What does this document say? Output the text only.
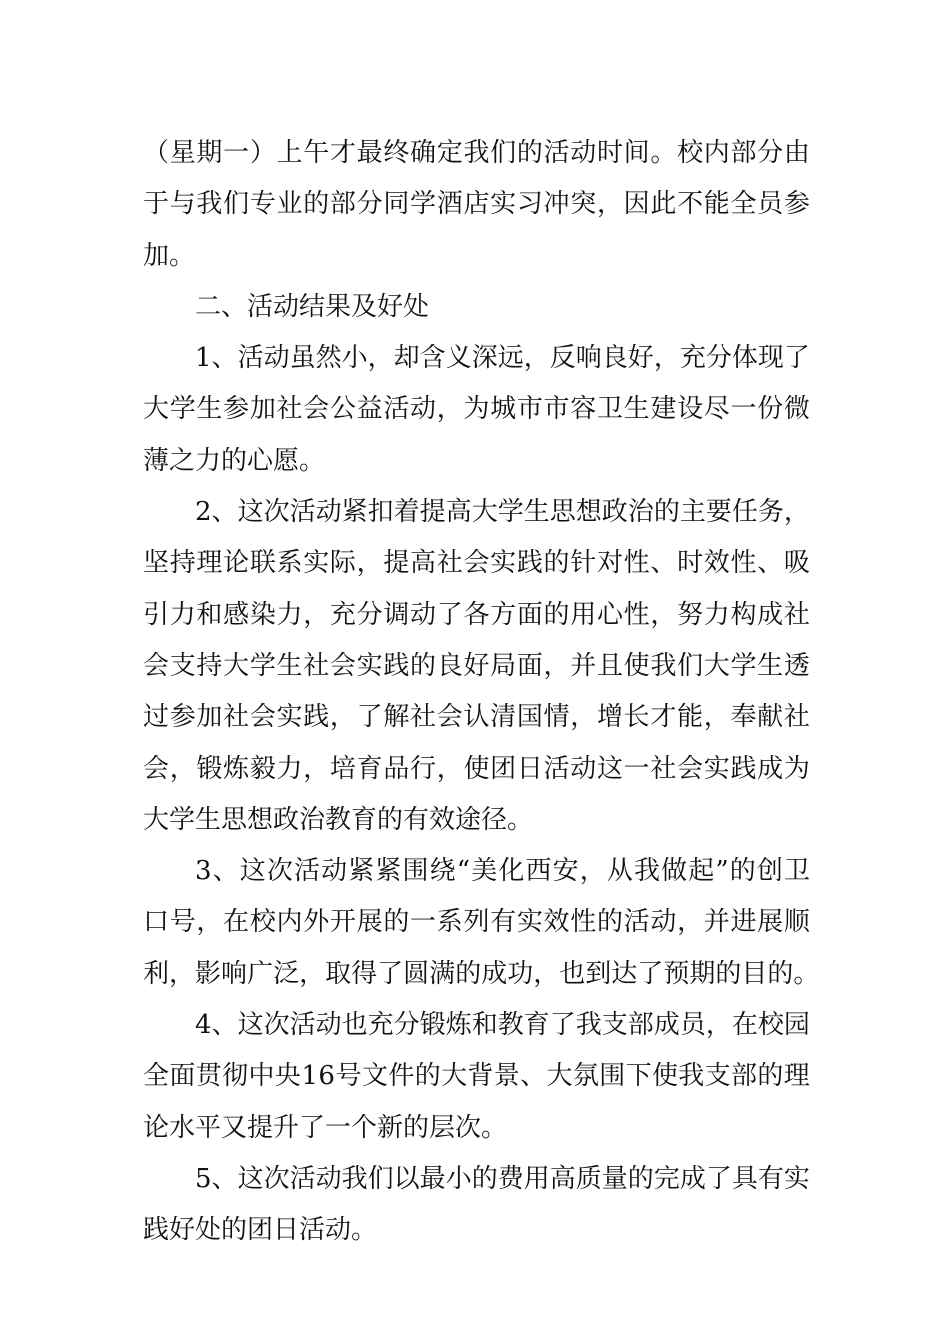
（ 星 期 一 ） 上 午 才 最 终 确 定 我 们 的 活 动 时 间 。 校 内 部 分 由
于 与 我 们 专 业 的 部 分 同 学 酒 店 实 习 冲 突 ， 因 此 不 能 全 员 参
加。
二、活动结果及好处
1 、 活 动 虽 然 小 ， 却 含 义 深 远 ， 反 响 良 好 ， 充 分 体 现 了
大 学 生 参 加 社 会 公 益 活 动 ， 为 城 市 市 容 卫 生 建 设 尽 一 份 微
薄之力的心愿。
2 、 这 次 活 动 紧 扣 着 提 高 大 学 生 思 想 政 治 的 主 要 任 务 ，
坚 持 理 论 联 系 实 际 ， 提 高 社 会 实 践 的 针 对 性 、 时 效 性 、 吸
引 力 和 感 染 力 ， 充 分 调 动 了 各 方 面 的 用 心 性 ， 努 力 构 成 社
会 支 持 大 学 生 社 会 实 践 的 良 好 局 面 ， 并 且 使 我 们 大 学 生 透
过 参 加 社 会 实 践 ， 了 解 社 会 认 清 国 情 ， 增 长 才 能 ， 奉 献 社
会 ， 锻 炼 毅 力 ， 培 育 品 行 ， 使 团 日 活 动 这 一 社 会 实 践 成 为
大学生思想政治教育的有效途径。
3 、 这 次 活 动 紧 紧 围 绕 “ 美 化 西 安 ， 从 我 做 起 ” 的 创 卫
口 号 ， 在 校 内 外 开 展 的 一 系 列 有 实 效 性 的 活 动 ， 并 进 展 顺
利 ， 影 响 广 泛 ， 取 得 了 圆 满 的 成 功 ， 也 到 达 了 预 期 的 目 的 。
4 、 这 次 活 动 也 充 分 锻 炼 和 教 育 了 我 支 部 成 员 ， 在 校 园
全 面 贯 彻 中 央 1 6 号 文 件 的 大 背 景 、 大 氛 围 下 使 我 支 部 的 理
论水平又提升了一个新的层次。
5 、 这 次 活 动 我 们 以 最 小 的 费 用 高 质 量 的 完 成 了 具 有 实
践好处的团日活动。
